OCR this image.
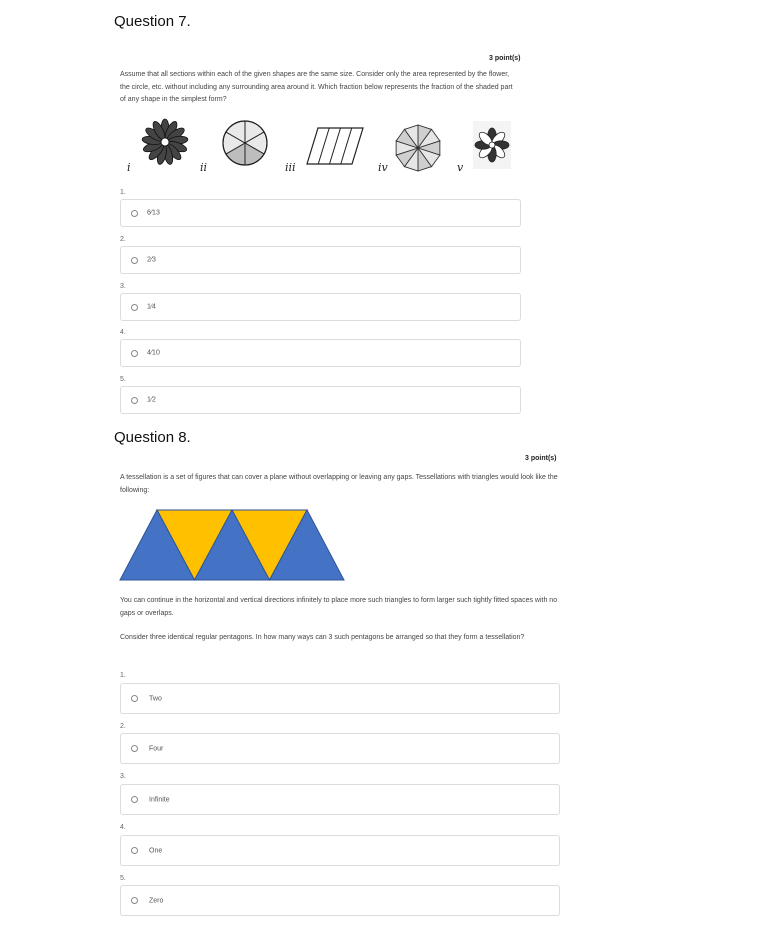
Question 7.
3 point(s)
Assume that all sections within each of the given shapes are the same size. Consider only the area represented by the flower, the circle, etc. without including any surrounding area around it. Which fraction below represents the fraction of the shaded part of any shape in the simplest form?
i	ii	iii	iv	v
1.
6⁄13
2.
2⁄3
3.
1⁄4
4.
4⁄10
5.
1⁄2
Question 8.
3 point(s)
A tessellation is a set of figures that can cover a plane without overlapping or leaving any gaps. Tessellations with triangles would look like the following:
You can continue in the horizontal and vertical directions infinitely to place more such triangles to form larger such tightly fitted spaces with no gaps or overlaps.
Consider three identical regular pentagons. In how many ways can 3 such pentagons be arranged so that they form a tessellation?
1.
Two
2.
Four
3.
Infinite
4.
One
5.
Zero
